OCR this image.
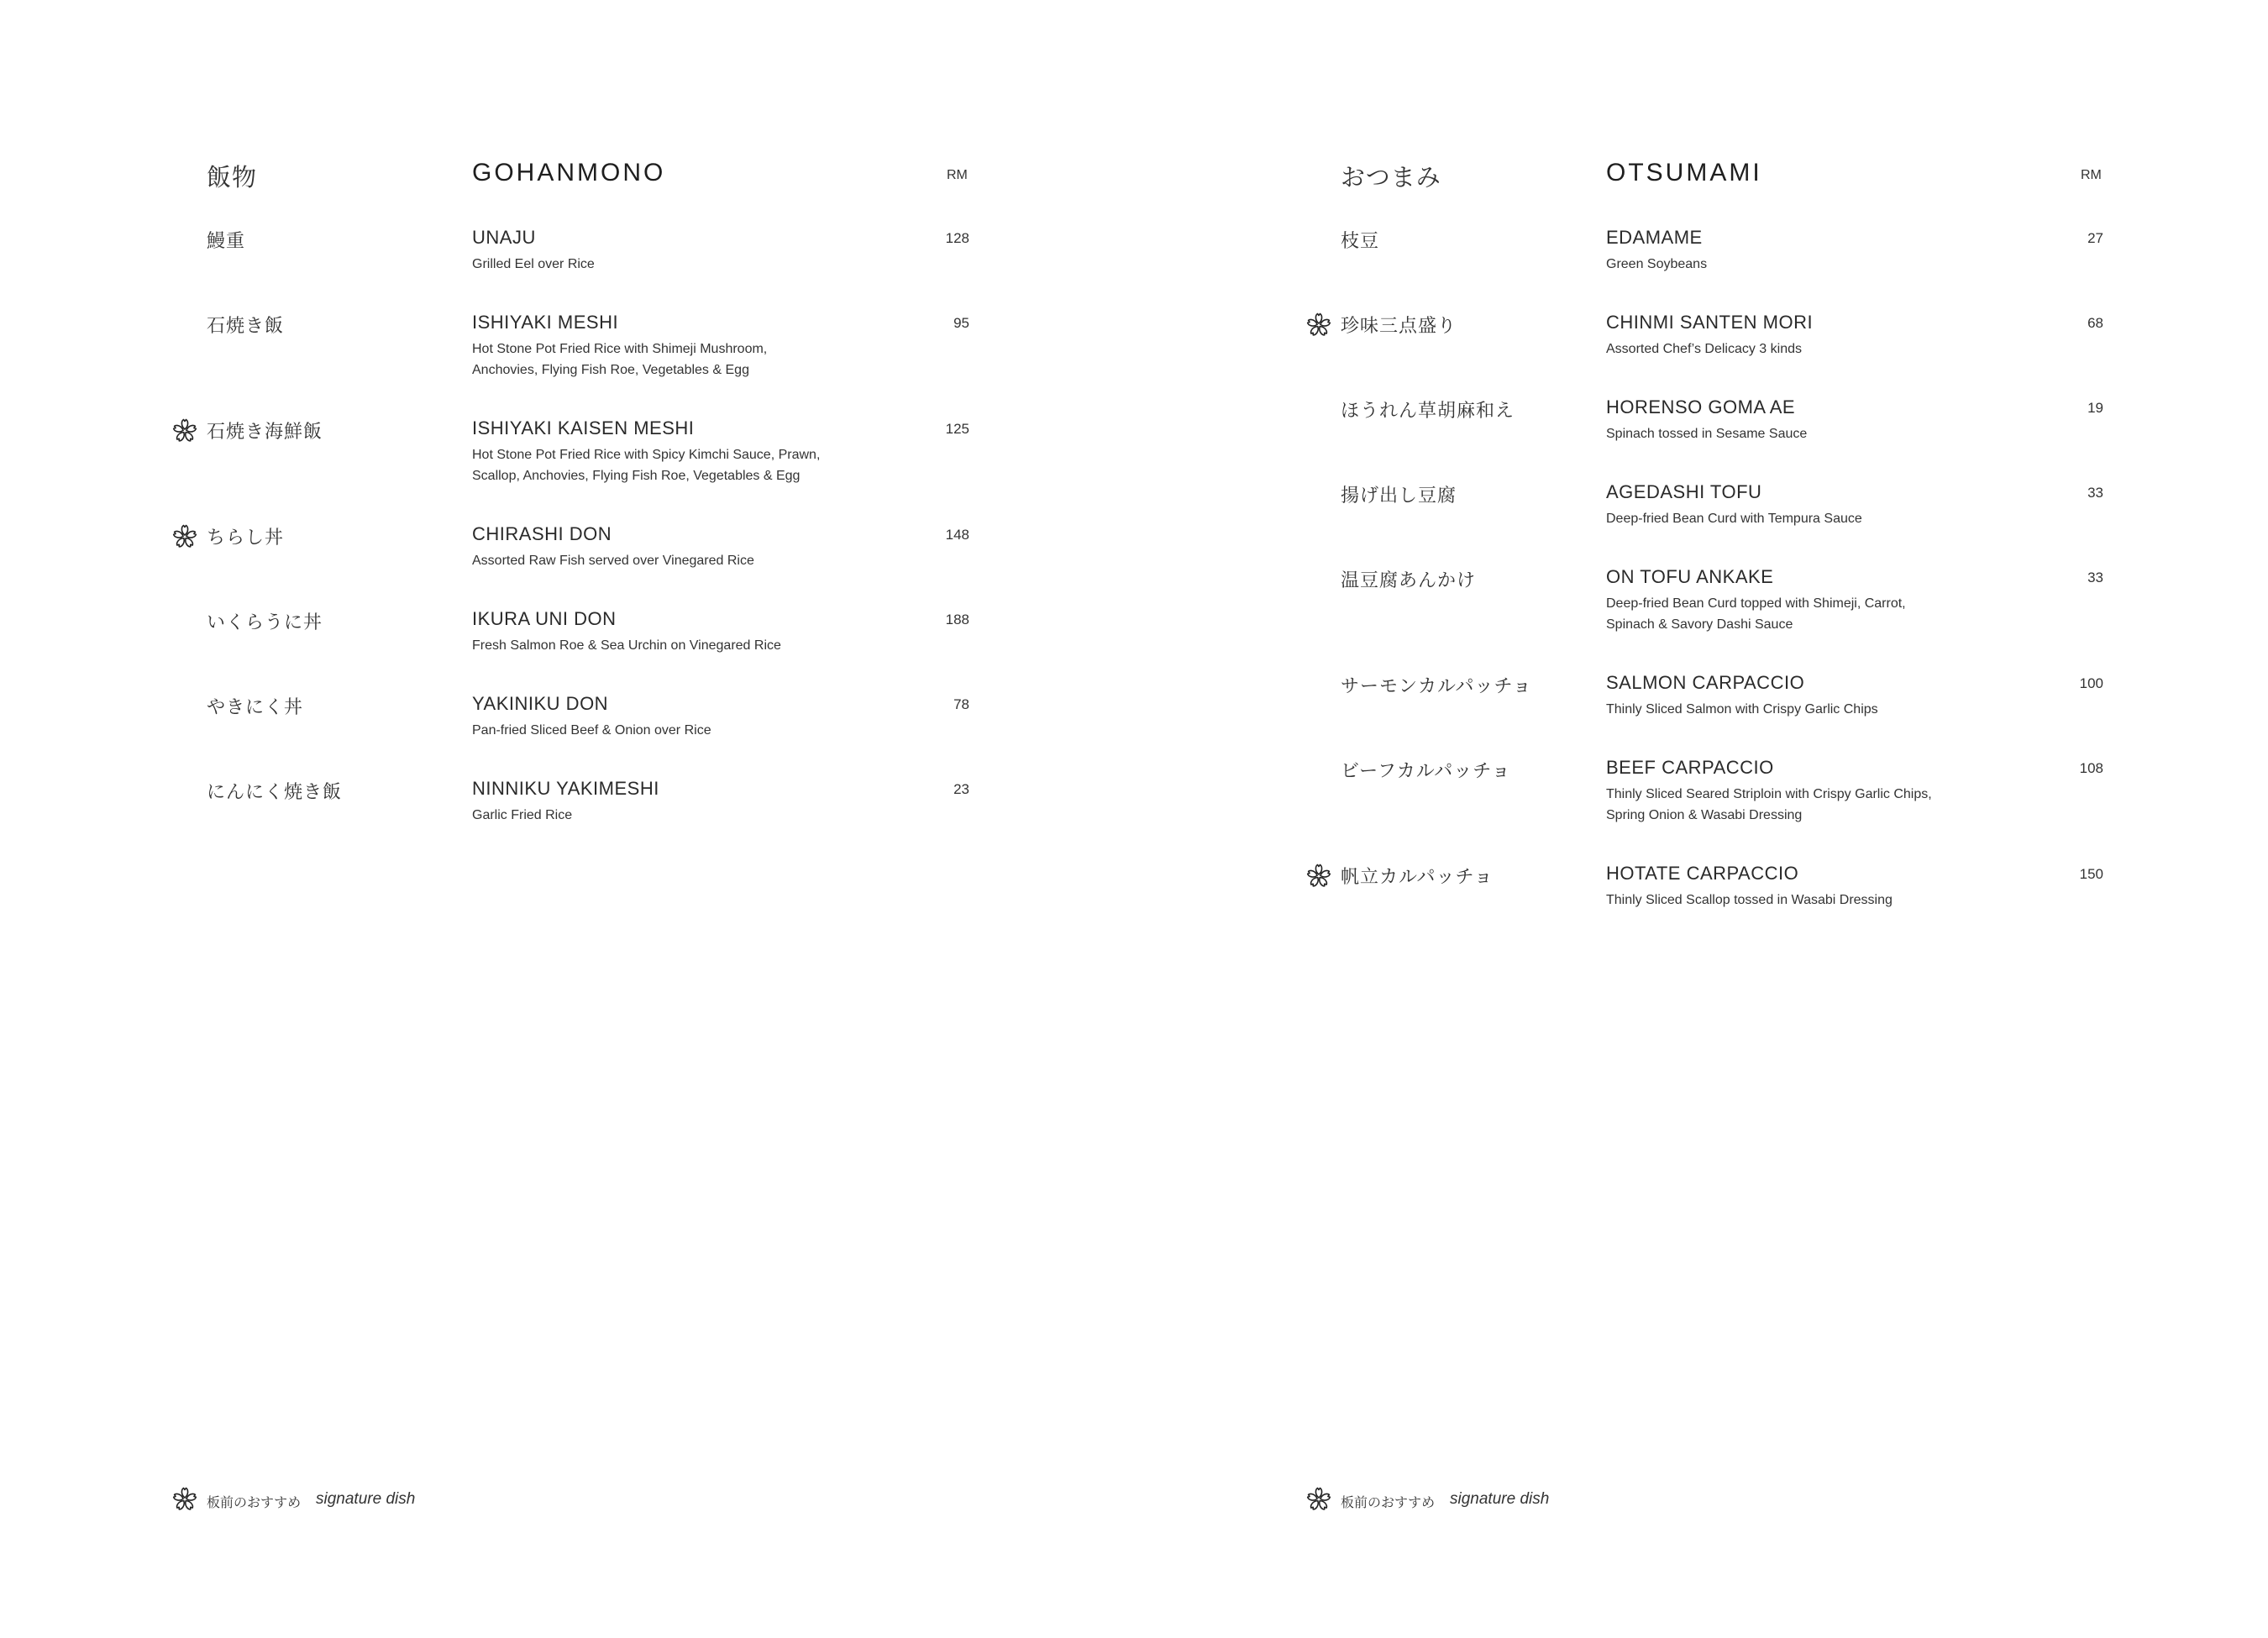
飯物	GOHANMONO	RM
鰻重	UNAJU
Grilled Eel over Rice
128
石焼き飯	ISHIYAKI MESHI
Hot Stone Pot Fried Rice with Shimeji Mushroom,
Anchovies, Flying Fish Roe, Vegetables & Egg
95
石焼き海鮮飯	ISHIYAKI KAISEN MESHI
Hot Stone Pot Fried Rice with Spicy Kimchi Sauce, Prawn,
Scallop, Anchovies, Flying Fish Roe, Vegetables & Egg
125
ちらし丼	CHIRASHI DON
Assorted Raw Fish served over Vinegared Rice
148
いくらうに丼	IKURA UNI DON
Fresh Salmon Roe & Sea Urchin on Vinegared Rice
188
やきにく丼	YAKINIKU DON
Pan-fried Sliced Beef & Onion over Rice
78
にんにく焼き飯	NINNIKU YAKIMESHI
Garlic Fried Rice
23
板前のおすすめ signature dish
おつまみ	OTSUMAMI	RM
枝豆	EDAMAME
Green Soybeans
27
珍味三点盛り	CHINMI SANTEN MORI
Assorted Chef’s Delicacy 3 kinds
68
ほうれん草胡麻和え	HORENSO GOMA AE
Spinach tossed in Sesame Sauce
19
揚げ出し豆腐	AGEDASHI TOFU
Deep-fried Bean Curd with Tempura Sauce
33
温豆腐あんかけ	ON TOFU ANKAKE
Deep-fried Bean Curd topped with Shimeji, Carrot,
Spinach & Savory Dashi Sauce
33
サーモンカルパッチョ	SALMON CARPACCIO
Thinly Sliced Salmon with Crispy Garlic Chips
100
ビーフカルパッチョ	BEEF CARPACCIO
Thinly Sliced Seared Striploin with Crispy Garlic Chips,
Spring Onion & Wasabi Dressing
108
帆立カルパッチョ	HOTATE CARPACCIO
Thinly Sliced Scallop tossed in Wasabi Dressing
150
板前のおすすめ signature dish
